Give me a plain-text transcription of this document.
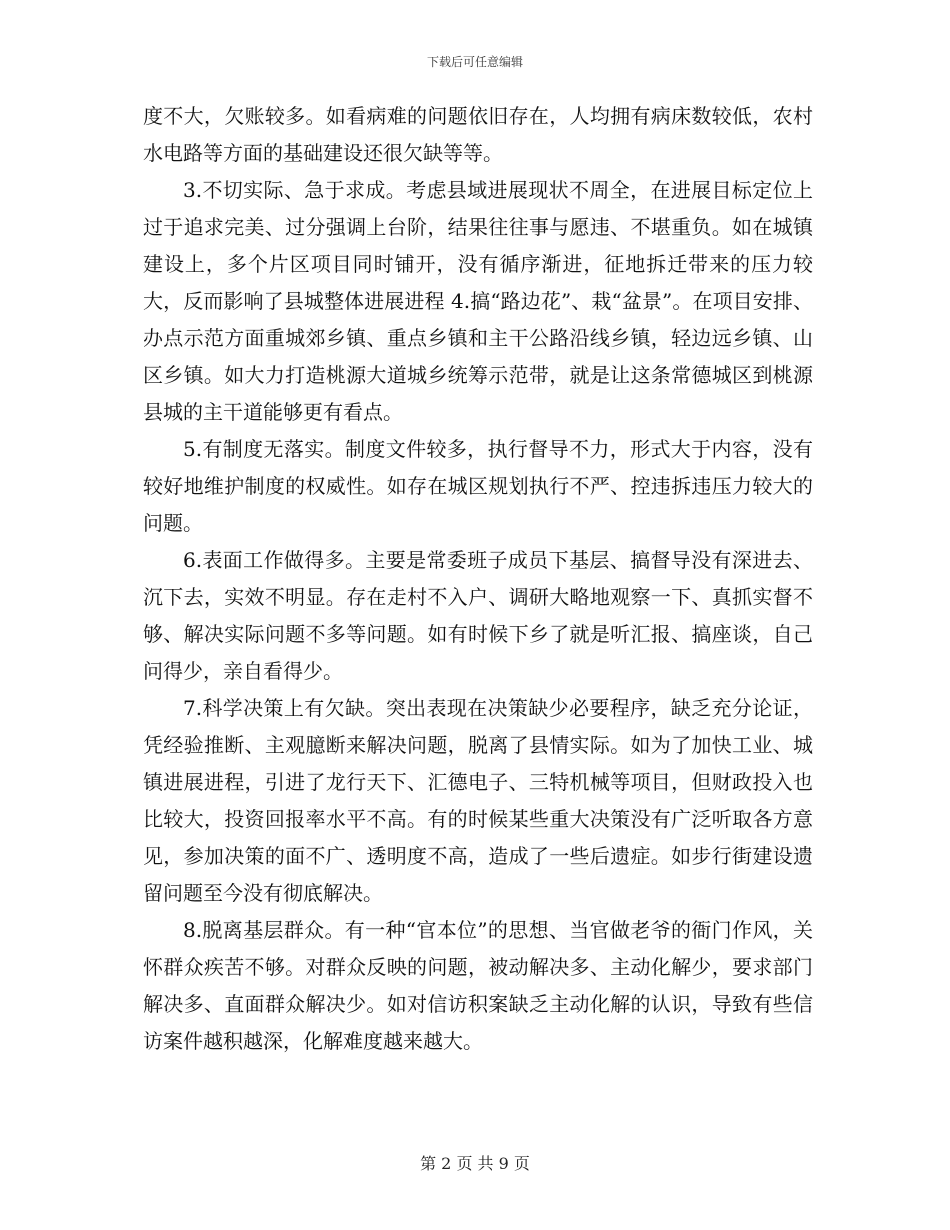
下载后可任意编辑

度不大，欠账较多。如看病难的问题依旧存在，人均拥有病床数较低，农村水电路等方面的基础建设还很欠缺等等。

3.不切实际、急于求成。考虑县域进展现状不周全，在进展目标定位上过于追求完美、过分强调上台阶，结果往往事与愿违、不堪重负。如在城镇建设上，多个片区项目同时铺开，没有循序渐进，征地拆迁带来的压力较大，反而影响了县城整体进展进程 4.搞“路边花”、栽“盆景”。在项目安排、办点示范方面重城郊乡镇、重点乡镇和主干公路沿线乡镇，轻边远乡镇、山区乡镇。如大力打造桃源大道城乡统筹示范带，就是让这条常德城区到桃源县城的主干道能够更有看点。

5.有制度无落实。制度文件较多，执行督导不力，形式大于内容，没有较好地维护制度的权威性。如存在城区规划执行不严、控违拆违压力较大的问题。

6.表面工作做得多。主要是常委班子成员下基层、搞督导没有深进去、沉下去，实效不明显。存在走村不入户、调研大略地观察一下、真抓实督不够、解决实际问题不多等问题。如有时候下乡了就是听汇报、搞座谈，自己问得少，亲自看得少。

7.科学决策上有欠缺。突出表现在决策缺少必要程序，缺乏充分论证，凭经验推断、主观臆断来解决问题，脱离了县情实际。如为了加快工业、城镇进展进程，引进了龙行天下、汇德电子、三特机械等项目，但财政投入也比较大，投资回报率水平不高。有的时候某些重大决策没有广泛听取各方意见，参加决策的面不广、透明度不高，造成了一些后遗症。如步行街建设遗留问题至今没有彻底解决。

8.脱离基层群众。有一种“官本位”的思想、当官做老爷的衙门作风，关怀群众疾苦不够。对群众反映的问题，被动解决多、主动化解少，要求部门解决多、直面群众解决少。如对信访积案缺乏主动化解的认识，导致有些信访案件越积越深，化解难度越来越大。

第 2 页 共 9 页
